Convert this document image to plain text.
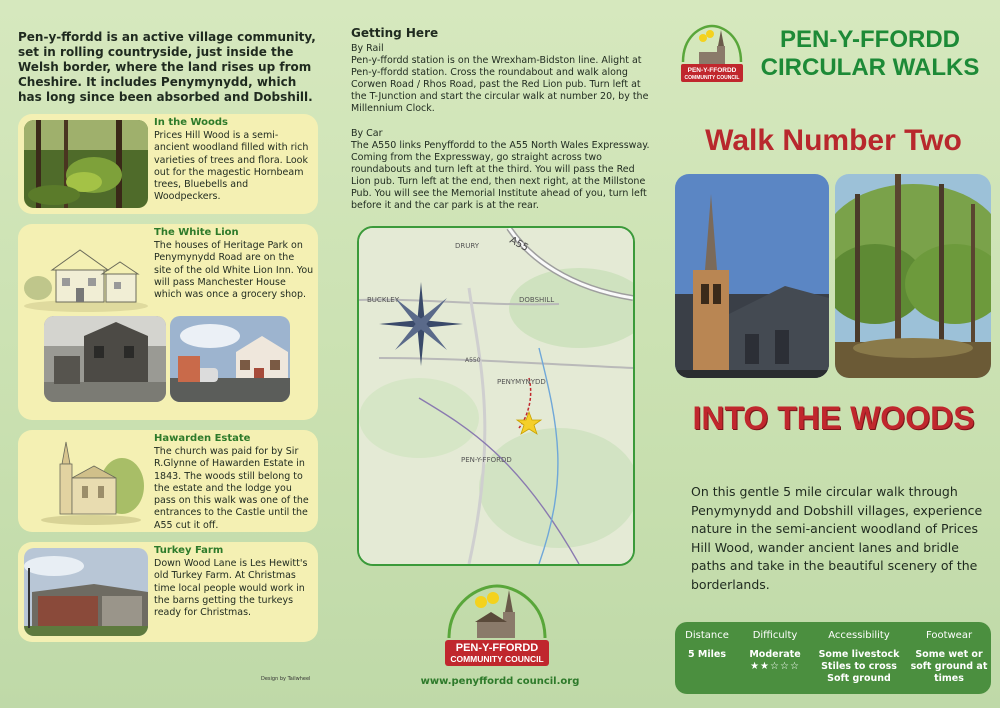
Pen-y-ffordd is an active village community, set in rolling countryside, just inside the Welsh border, where the land rises up from Cheshire. It includes Penymynydd, which has long since been absorbed and Dobshill.

In the Woods
Prices Hill Wood is a semi-ancient woodland filled with rich varieties of trees and flora. Look out for the magestic Hornbeam trees, Bluebells and Woodpeckers.
The White Lion
The houses of Heritage Park on Penymynydd Road are on the site of the old White Lion Inn. You will pass Manchester House which was once a grocery shop.
Hawarden Estate
The church was paid for by Sir R.Glynne of Hawarden Estate in 1843. The woods still belong to the estate and the lodge you pass on this walk was one of the entrances to the Castle until the A55 cut it off.
Turkey Farm
Down Wood Lane is Les Hewitt's old Turkey Farm. At Christmas time local people would work in the barns getting the turkeys ready for Christmas.
Getting Here
By Rail
Pen-y-ffordd station is on the Wrexham-Bidston line. Alight at Pen-y-ffordd station. Cross the roundabout and walk along Corwen Road / Rhos Road, past the Red Lion pub. Turn left at the T-Junction and start the circular walk at number 20, by the Millennium Clock.
By Car
The A550 links Penyffordd to the A55 North Wales Expressway. Coming from the Expressway, go straight across two roundabouts and turn left at the third. You will pass the Red Lion pub. Turn left at the end, then next right, at the Millstone Pub. You will see the Memorial Institute ahead of you, turn left before it and the car park is at the rear.
DRURY	A55
BUCKLEY	DOBSHILL
A550
PENYMYNYDD
PEN-Y-FFORDD
PEN-Y-FFORDD
COMMUNITY COUNCIL
www.penyffordd council.org
Design by Tailwheel
PEN-Y-FFORDD
COMMUNITY COUNCIL
PEN-Y-FFORDD
CIRCULAR WALKS
Walk Number Two
INTO THE WOODS

On this gentle 5 mile circular walk through Penymynydd and Dobshill villages, experience nature in the semi-ancient woodland of Prices Hill Wood, wander ancient lanes and bridle paths and take in the beautiful scenery of the borderlands.

Distance
5 Miles
Difficulty
Moderate
★★☆☆☆
Accessibility
Some livestock Stiles to cross Soft ground
Footwear
Some wet or soft ground at times
